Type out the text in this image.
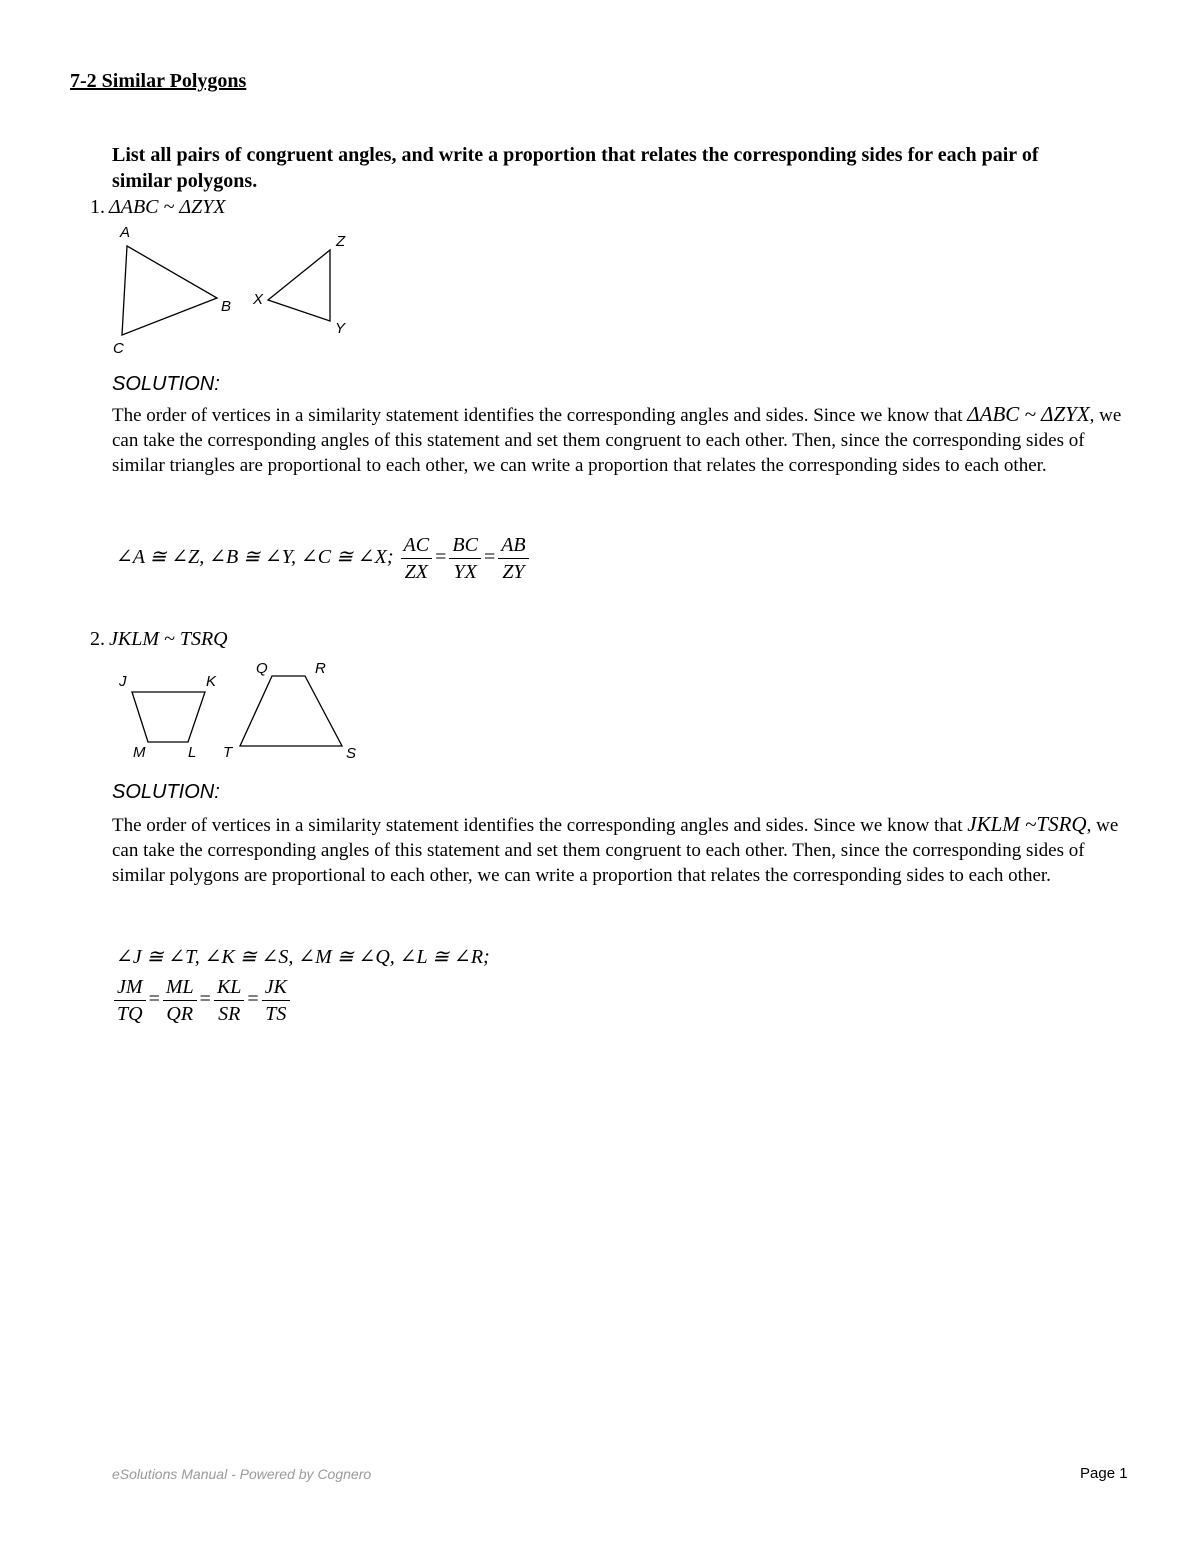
7-2 Similar Polygons
List all pairs of congruent angles, and write a proportion that relates the corresponding sides for each pair of similar polygons.
1. ΔABC ~ ΔZYX
A
B
C
X
Y
Z
SOLUTION:
The order of vertices in a similarity statement identifies the corresponding angles and sides. Since we know that ΔABC ~ ΔZYX, we can take the corresponding angles of this statement and set them congruent to each other. Then, since the corresponding sides of similar triangles are proportional to each other, we can write a proportion that relates the corresponding sides to each other.
∠A ≅ ∠Z, ∠B ≅ ∠Y, ∠C ≅ ∠X; $\frac{AC}{ZX} = \frac{BC}{YX} = \frac{AB}{ZY}$
2. JKLM ~ TSRQ
J	K
L
M
Q	R
S
T
SOLUTION:
The order of vertices in a similarity statement identifies the corresponding angles and sides. Since we know that JKLM ~TSRQ, we can take the corresponding angles of this statement and set them congruent to each other. Then, since the corresponding sides of similar polygons are proportional to each other, we can write a proportion that relates the corresponding sides to each other.
∠J ≅ ∠T, ∠K ≅ ∠S, ∠M ≅ ∠Q, ∠L ≅ ∠R;
$\frac{JM}{TQ} = \frac{ML}{QR} = \frac{KL}{SR} = \frac{JK}{TS}$
eSolutions Manual - Powered by Cognero	Page 1
